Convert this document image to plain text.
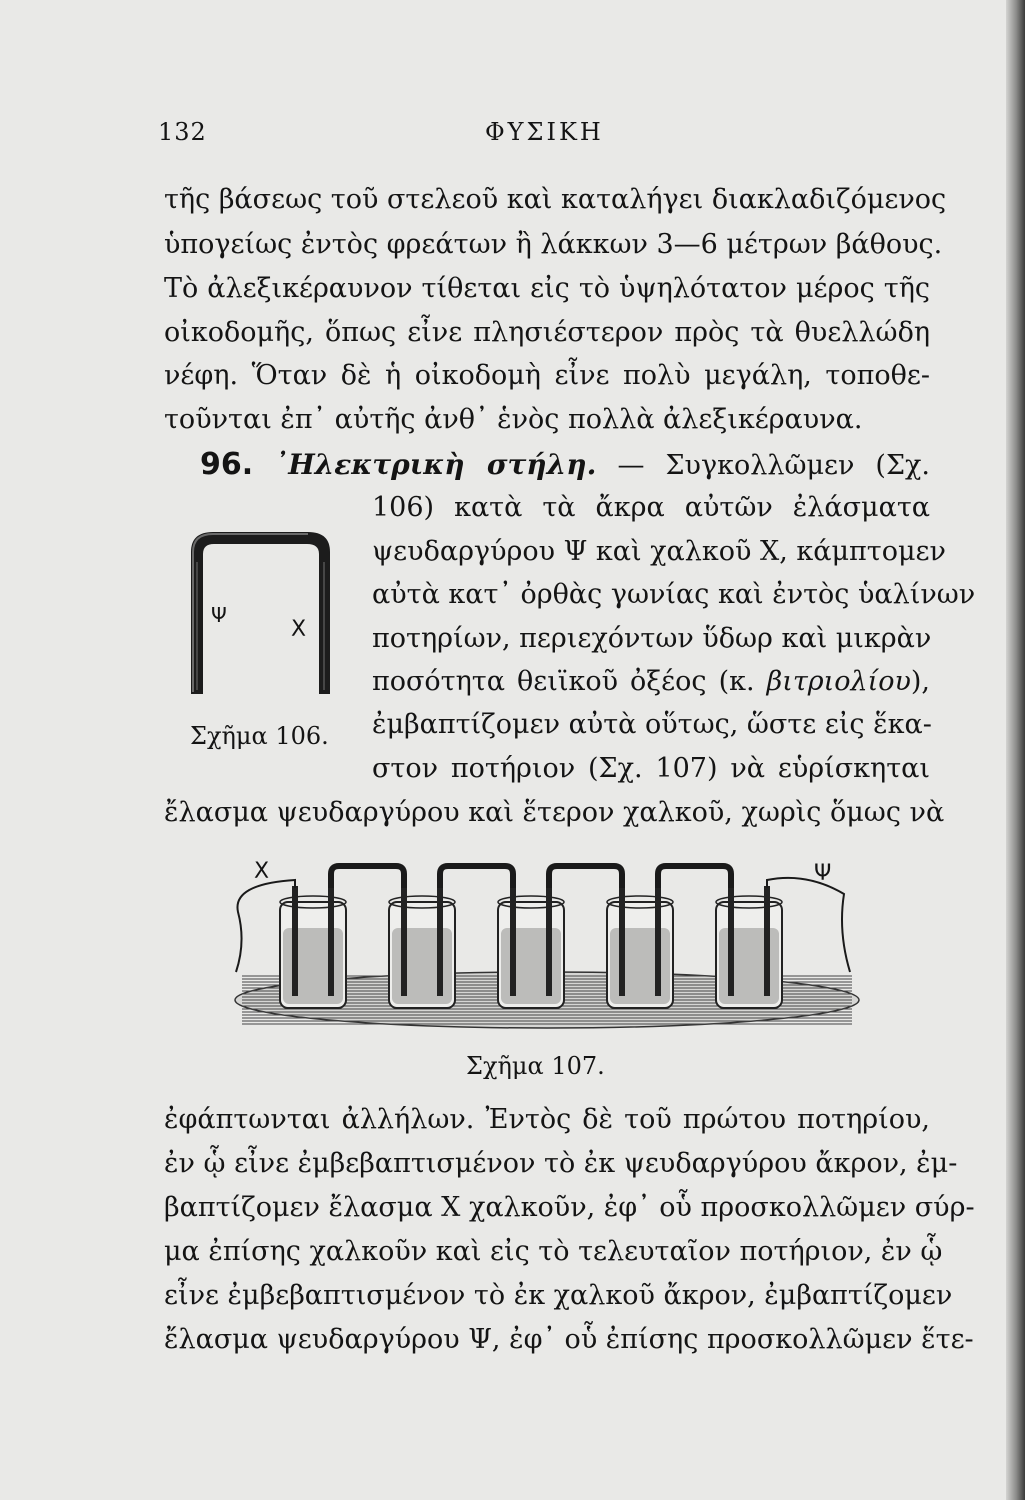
132	ΦΥΣΙΚΗ
τῆς βάσεως τοῦ στελεοῦ καὶ καταλήγει διακλαδιζόμενος
ὑπογείως ἐντὸς φρεάτων ἢ λάκκων 3—6 μέτρων βάθους.
Τὸ ἀλεξικέραυνον τίθεται εἰς τὸ ὑψηλότατον μέρος τῆς
οἰκοδομῆς, ὅπως εἶνε πλησιέστερον πρὸς τὰ θυελλώδη
νέφη. Ὅταν δὲ ἡ οἰκοδομὴ εἶνε πολὺ μεγάλη, τοποθε-
τοῦνται ἐπ᾽ αὐτῆς ἀνθ᾽ ἑνὸς πολλὰ ἀλεξικέραυνα.
96. ᾿Ηλεκτρικὴ στήλη. — Συγκολλῶμεν (Σχ.
Ψ
Χ
Σχῆμα 106.
106) κατὰ τὰ ἄκρα αὐτῶν ἐλάσματα
ψευδαργύρου Ψ καὶ χαλκοῦ Χ, κάμπτομεν
αὐτὰ κατ᾽ ὀρθὰς γωνίας καὶ ἐντὸς ὑαλίνων
ποτηρίων, περιεχόντων ὕδωρ καὶ μικρὰν
ποσότητα θειϊκοῦ ὀξέος (κ. βιτριολίου),
ἐμβαπτίζομεν αὐτὰ οὕτως, ὥστε εἰς ἕκα-
στον ποτήριον (Σχ. 107) νὰ εὑρίσκηται
ἔλασμα ψευδαργύρου καὶ ἕτερον χαλκοῦ, χωρὶς ὅμως νὰ
Χ	Ψ
Σχῆμα 107.
ἐφάπτωνται ἀλλήλων. Ἐντὸς δὲ τοῦ πρώτου ποτηρίου,
ἐν ᾧ εἶνε ἐμβεβαπτισμένον τὸ ἐκ ψευδαργύρου ἄκρον, ἐμ-
βαπτίζομεν ἔλασμα Χ χαλκοῦν, ἐφ᾽ οὗ προσκολλῶμεν σύρ-
μα ἐπίσης χαλκοῦν καὶ εἰς τὸ τελευταῖον ποτήριον, ἐν ᾧ
εἶνε ἐμβεβαπτισμένον τὸ ἐκ χαλκοῦ ἄκρον, ἐμβαπτίζομεν
ἔλασμα ψευδαργύρου Ψ, ἐφ᾽ οὗ ἐπίσης προσκολλῶμεν ἕτε-
